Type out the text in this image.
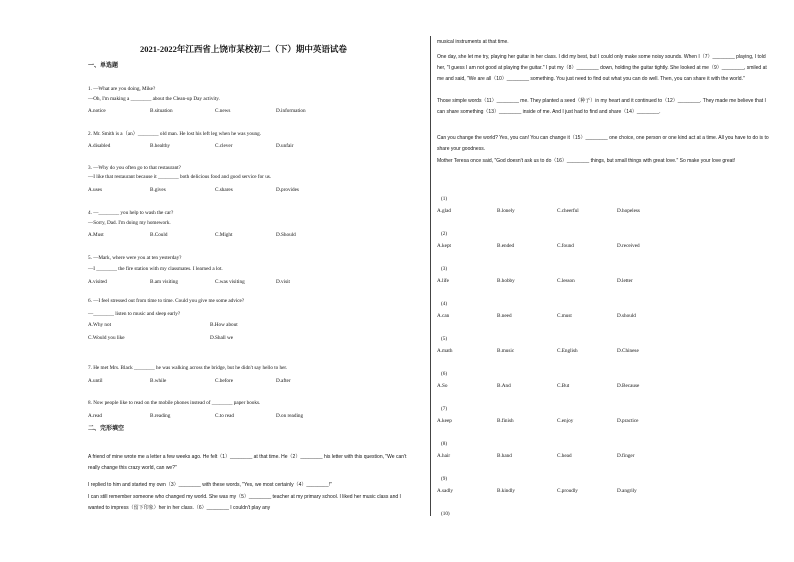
2021-2022年江西省上饶市某校初二（下）期中英语试卷
一、单选题
1. —What are you doing, Mike?
—Oh, I'm making a ________ about the Clean-up Day activity.
A.notice	B.situation	C.news	D.information
2. Mr. Smith is a（an）________ old man. He lost his left leg when he was young.
A.disabled	B.healthy	C.clever	D.unfair
3. —Why do you often go to that restaurant?
—I like that restaurant because it ________ both delicious food and good service for us.
A.uses	B.gives	C.shares	D.provides
4. —________ you help to wash the car?
—Sorry, Dad. I'm doing my homework.
A.Must	B.Could	C.Might	D.Should
5. —Mark, where were you at ten yesterday?
—I ________ the fire station with my classmates. I learned a lot.
A.visited	B.am visiting	C.was visiting	D.visit
6. —I feel stressed out from time to time. Could you give me some advice?
—________ listen to music and sleep early?
A.Why not	B.How about
C.Would you like	D.Shall we
7. He met Mrs. Black ________ he was walking across the bridge, but he didn't say hello to her.
A.until	B.while	C.before	D.after
8. Now people like to read on the mobile phones instead of ________ paper books.
A.read	B.reading	C.to read	D.on reading
二、完形填空
A friend of mine wrote me a letter a few weeks ago. He felt（1）________ at that time. He（2）________ his letter with this question, "We can't really change this crazy world, can we?"
I replied to him and started my own（3）________ with these words, "Yes, we most certainly（4）________!"
I can still remember someone who changed my world. She was my（5）________ teacher at my primary school. I liked her music class and I wanted to impress（留下印象）her in her class.（6）________ I couldn't play any
musical instruments at that time.
One day, she let me try, playing her guitar in her class. I did my best, but I could only make some noisy sounds. When I（7）________ playing, I told her, "I guess I am not good at playing the guitar." I put my（8）________ down, holding the guitar tightly. She looked at me（9）________, smiled at me and said, "We are all（10）________ something. You just need to find out what you can do well. Then, you can share it with the world."
Those simple words（11）________ me. They planted a seed（种子）in my heart and it continued to（12）________. They made me believe that I can share something（13）________ inside of me. And I just had to find and share（14）________.
Can you change the world? Yes, you can! You can change it（15）________ one choice, one person or one kind act at a time. All you have to do is to share your goodness.
Mother Teresa once said, "God doesn't ask us to do（16）________ things, but small things with great love." So make your love great!
(1)
A.glad	B.lonely	C.cheerful	D.hopeless
(2)
A.kept	B.ended	C.found	D.received
(3)
A.life	B.hobby	C.lesson	D.letter
(4)
A.can	B.need	C.must	D.should
(5)
A.math	B.music	C.English	D.Chinese
(6)
A.So	B.And	C.But	D.Because
(7)
A.keep	B.finish	C.enjoy	D.practice
(8)
A.hair	B.hand	C.head	D.finger
(9)
A.sadly	B.kindly	C.proudly	D.angrily
(10)
